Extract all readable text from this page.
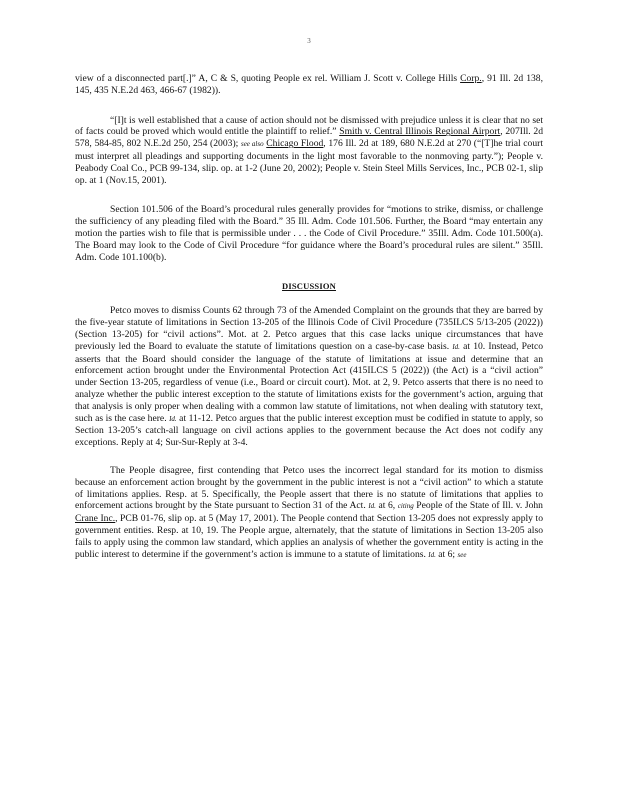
3

view of a disconnected part[.]” A, C & S, quoting People ex rel. William J. Scott v. College Hills Corp., 91 Ill. 2d 138, 145, 435 N.E.2d 463, 466-67 (1982)).

“[I]t is well established that a cause of action should not be dismissed with prejudice unless it is clear that no set of facts could be proved which would entitle the plaintiff to relief.” Smith v. Central Illinois Regional Airport, 207Ill. 2d 578, 584-85, 802 N.E.2d 250, 254 (2003); see also Chicago Flood, 176 Ill. 2d at 189, 680 N.E.2d at 270 (“[T]he trial court must interpret all pleadings and supporting documents in the light most favorable to the nonmoving party.”); People v. Peabody Coal Co., PCB 99-134, slip. op. at 1-2 (June 20, 2002); People v. Stein Steel Mills Services, Inc., PCB 02-1, slip op. at 1 (Nov.15, 2001).

Section 101.506 of the Board’s procedural rules generally provides for “motions to strike, dismiss, or challenge the sufficiency of any pleading filed with the Board.” 35 Ill. Adm. Code 101.506. Further, the Board “may entertain any motion the parties wish to file that is permissible under . . . the Code of Civil Procedure.” 35Ill. Adm. Code 101.500(a). The Board may look to the Code of Civil Procedure “for guidance where the Board’s procedural rules are silent.” 35Ill. Adm. Code 101.100(b).

DISCUSSION

Petco moves to dismiss Counts 62 through 73 of the Amended Complaint on the grounds that they are barred by the five-year statute of limitations in Section 13-205 of the Illinois Code of Civil Procedure (735ILCS 5/13-205 (2022)) (Section 13-205) for “civil actions”. Mot. at 2. Petco argues that this case lacks unique circumstances that have previously led the Board to evaluate the statute of limitations question on a case-by-case basis. Id. at 10. Instead, Petco asserts that the Board should consider the language of the statute of limitations at issue and determine that an enforcement action brought under the Environmental Protection Act (415ILCS 5 (2022)) (the Act) is a “civil action” under Section 13-205, regardless of venue (i.e., Board or circuit court). Mot. at 2, 9. Petco asserts that there is no need to analyze whether the public interest exception to the statute of limitations exists for the government’s action, arguing that that analysis is only proper when dealing with a common law statute of limitations, not when dealing with statutory text, such as is the case here. Id. at 11-12. Petco argues that the public interest exception must be codified in statute to apply, so Section 13-205’s catch-all language on civil actions applies to the government because the Act does not codify any exceptions. Reply at 4; Sur-Sur-Reply at 3-4.

The People disagree, first contending that Petco uses the incorrect legal standard for its motion to dismiss because an enforcement action brought by the government in the public interest is not a “civil action” to which a statute of limitations applies. Resp. at 5. Specifically, the People assert that there is no statute of limitations that applies to enforcement actions brought by the State pursuant to Section 31 of the Act. Id. at 6, citing People of the State of Ill. v. John Crane Inc., PCB 01-76, slip op. at 5 (May 17, 2001). The People contend that Section 13-205 does not expressly apply to government entities. Resp. at 10, 19. The People argue, alternately, that the statute of limitations in Section 13-205 also fails to apply using the common law standard, which applies an analysis of whether the government entity is acting in the public interest to determine if the government’s action is immune to a statute of limitations. Id. at 6; see
